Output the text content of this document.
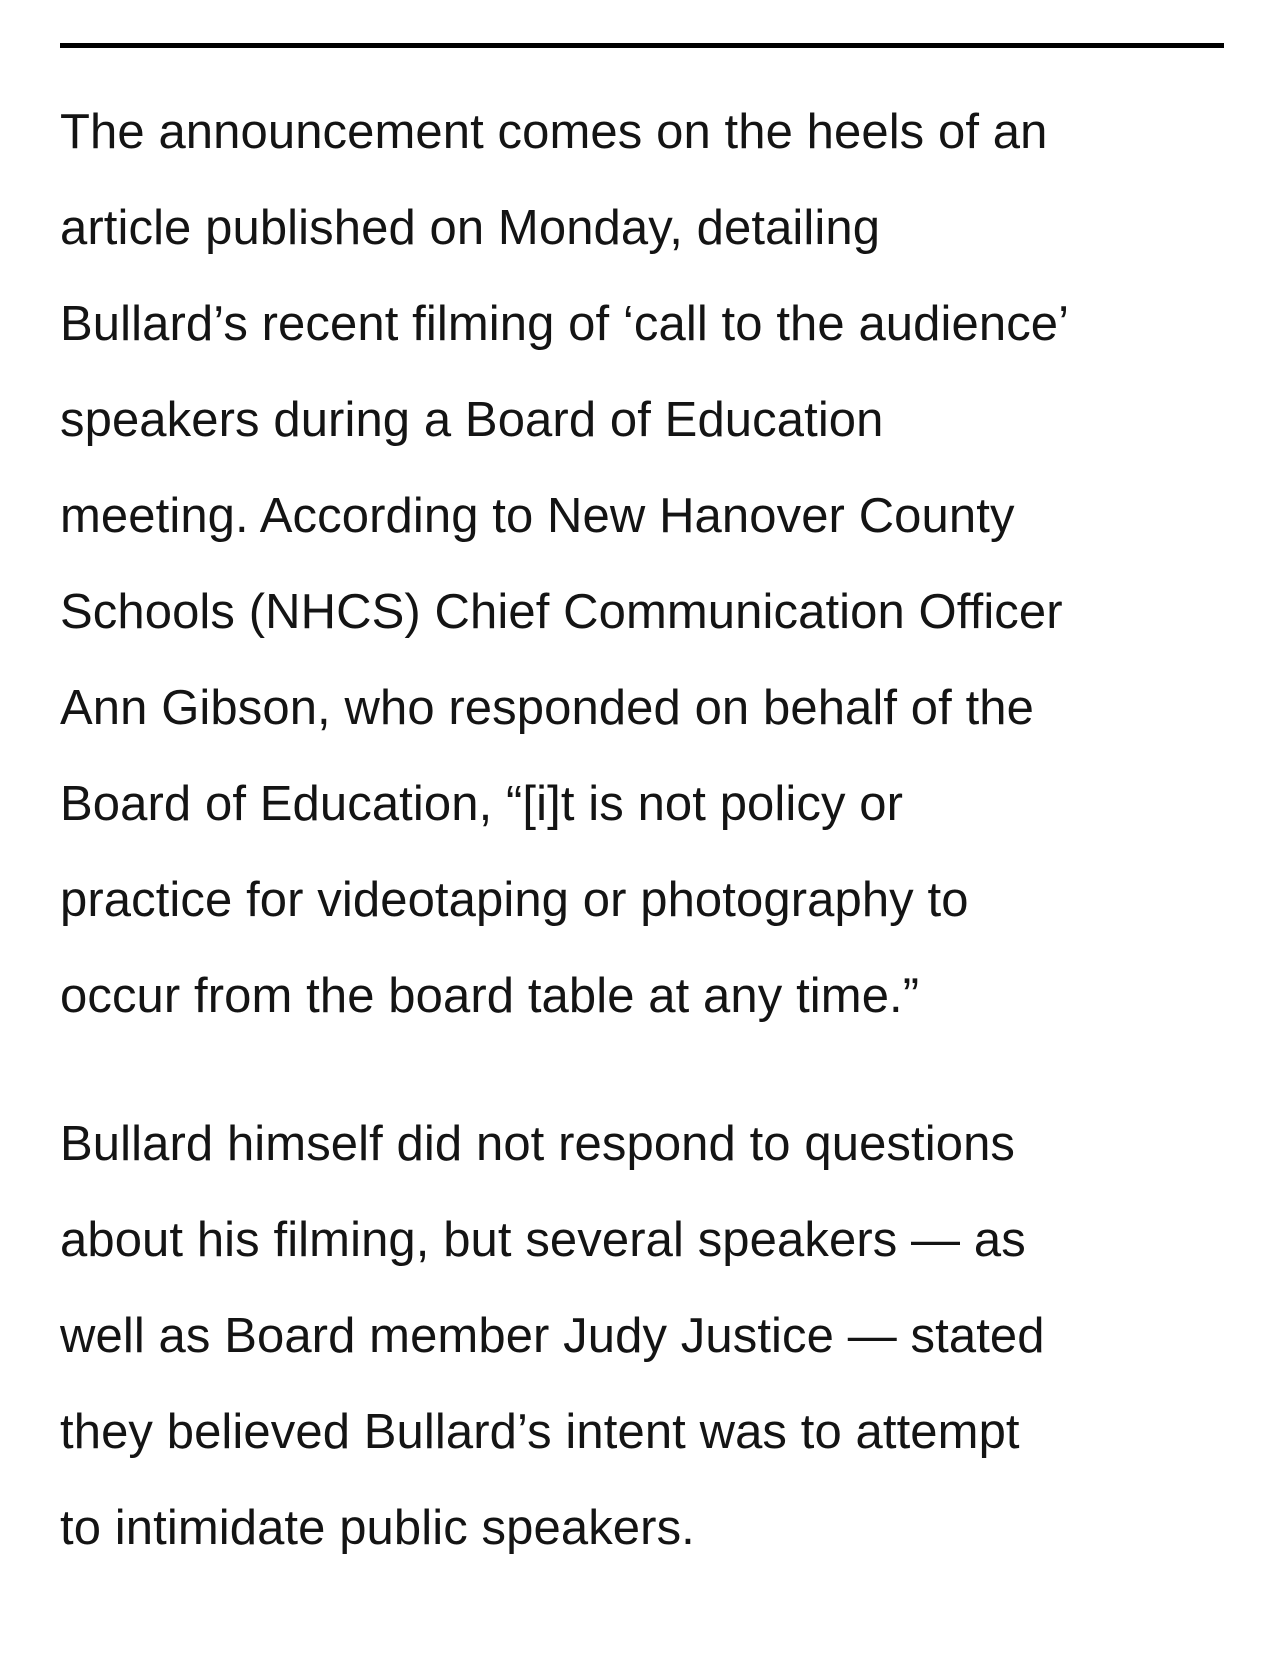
The announcement comes on the heels of an
article published on Monday, detailing
Bullard’s recent filming of ‘call to the audience’
speakers during a Board of Education
meeting. According to New Hanover County
Schools (NHCS) Chief Communication Officer
Ann Gibson, who responded on behalf of the
Board of Education, “[i]t is not policy or
practice for videotaping or photography to
occur from the board table at any time.”

Bullard himself did not respond to questions
about his filming, but several speakers — as
well as Board member Judy Justice — stated
they believed Bullard’s intent was to attempt
to intimidate public speakers.
